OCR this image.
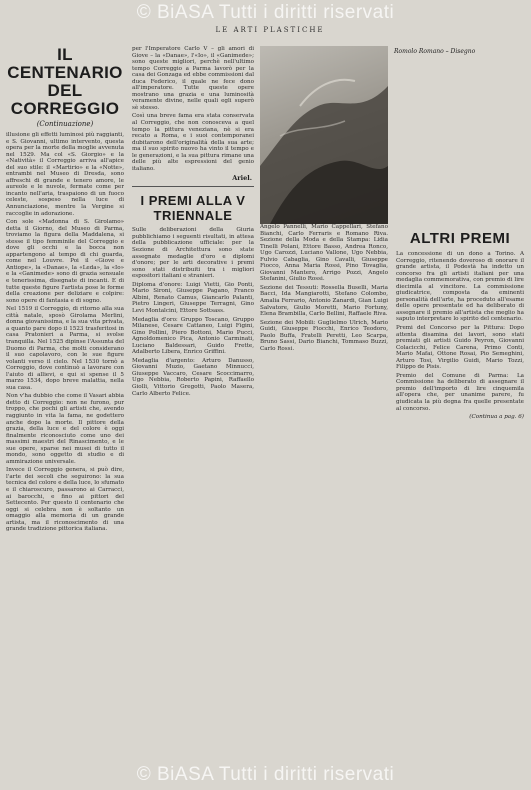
© BiASA Tutti i diritti riservati
LE ARTI PLASTICHE
IL CENTENARIO
DEL CORREGGIO
(Continuazione)

illusione gli effetti luminosi più raggianti, e S. Giovanni, ultimo intervento, questa opera per la morte della moglie avvenuta nel 1529. Ma col «S. Giorgio» e la «Natività» il Correggio arriva all'apice del suo stile: il «Martirio» e la «Notte», entrambi nel Museo di Dresda, sono affreschi di grande e tenero amore, le aureole e le nuvole, fermate come per incanto nell'aria, traspaiono di un fuoco celeste, sospeso nella luce di Annunciazione, mentre la Vergine si raccoglie in adorazione.

Con sole «Madonna di S. Girolamo» detta il Giorno, del Museo di Parma, troviamo la figura della Maddalena, si stesse il tipo femminile del Correggio e dove gli occhi e la bocca non appartengono al tempo di chi guarda, come nel Louvre. Poi il «Giove e Antiope», la «Danae», la «Leda», la «Io» e la «Ganimede» sono di grazia sensuale e tenerissima, disegnate di incanti. E di tutte queste figure l'artista pose le forme della creazione per deliziare e colpire: sono opere di fantasia e di sogno.

Nel 1519 il Correggio, di ritorno alla sua città natale, sposò Girolama Merlini, donna giovanissima, e la sua vita privata, a quanto pare dopo il 1523 trasferitosi in casa Pratonieri a Parma, si svolse tranquilla. Nel 1525 dipinse l'Assunta del Duomo di Parma, che molti considerano il suo capolavoro, con le sue figure volanti verso il cielo. Nel 1530 tornò a Correggio, dove continuò a lavorare con l'aiuto di allievi, e qui si spense il 5 marzo 1534, dopo breve malattia, nella sua casa.

Non v'ha dubbio che come il Vasari abbia detto di Correggio: non ne furono, pur troppo, che pochi gli artisti che, avendo raggiunto in vita la fama, ne godettero anche dopo la morte. Il pittore della grazia, della luce e del colore è oggi finalmente riconosciuto come uno dei massimi maestri del Rinascimento, e le sue opere, sparse nei musei di tutto il mondo, sono oggetto di studio e di ammirazione universale.

Invece il Correggio genera, si può dire, l'arte dei secoli che seguirono: la sua tecnica del colore e della luce, lo sfumato e il chiaroscuro, passarono ai Carracci, ai barocchi, e fino ai pittori del Settecento. Per questo il centenario che oggi si celebra non è soltanto un omaggio alla memoria di un grande artista, ma il riconoscimento di una grande tradizione pittorica italiana.

per l'Imperatore Carlo V – gli amori di Giove – la «Danae», l'«Io», il «Ganimede»; sono queste migliori, perchè nell'ultimo tempo Correggio a Parma lavorò per la casa dei Gonzaga ed ebbe commissioni dal duca Federico, il quale ne fece dono all'imperatore. Tutte queste opere mostrano una grazia e una luminosità veramente divine, nelle quali egli superò sè stesso.

Così una breve fama era stata conservata al Correggio, che non conosceva a quel tempo la pittura veneziana, nè si era recato a Roma, e i suoi contemporanei dubitarono dell'originalità della sua arte; ma il suo spirito nuovo ha vinto il tempo e le generazioni, e la sua pittura rimane una delle più alte espressioni del genio italiano.

Ariel.
I PREMI ALLA V TRIENNALE

Sulle deliberazioni della Giuria pubblichiamo i seguenti risultati, in attesa della pubblicazione ufficiale: per la Sezione di Architettura sono state assegnate medaglie d'oro e diplomi d'onore; per le arti decorative i premi sono stati distribuiti tra i migliori espositori italiani e stranieri.

Diploma d'onore: Luigi Vietti, Gio Ponti, Mario Sironi, Giuseppe Pagano, Franco Albini, Renato Camus, Giancarlo Palanti, Pietro Lingeri, Giuseppe Terragni, Gino Levi Montalcini, Ettore Sottsass.

Medaglia d'oro: Gruppo Toscano, Gruppo Milanese, Cesare Cattaneo, Luigi Figini, Gino Pollini, Piero Bottoni, Mario Pucci, Agnoldomenico Pica, Antonio Carminati, Luciano Baldessari, Guido Frette, Adalberto Libera, Enrico Griffini.

Medaglia d'argento: Arturo Danusso, Giovanni Muzio, Gaetano Minnucci, Giuseppe Vaccaro, Cesare Scoccimarro, Ugo Nebbia, Roberto Papini, Raffaello Giolli, Vittorio Gregotti, Paolo Masera, Carlo Alberto Felice.

Romolo Romano – Disegno

Angelo Pannelli, Mario Cappellari, Stefano Bianchi, Carlo Ferraris e Romano Riva. Sezione della Moda e della Stampa: Lidia Tinelli Polani, Ettore Basso, Andrea Ronco, Ugo Carozzi, Luciano Vallone, Ugo Nebbia, Fulvio Cabaglia, Gino Cavalli, Giuseppe Fiocco, Anna Maria Rossi, Pino Tovaglia, Giovanni Mantero, Arrigo Pozzi, Angelo Stefanini, Giulio Rossi.

Sezione dei Tessuti: Rossella Buselli, Maria Bacci, Ida Mangiarotti, Stefano Colombo, Amalia Ferrario, Antonio Zanardi, Gian Luigi Salvatore, Giulio Moretti, Mario Fortuny, Elena Brambilla, Carlo Bellini, Raffaele Riva.

Sezione dei Mobili: Guglielmo Ulrich, Mario Guidi, Giuseppe Fiocchi, Enrico Teodoro, Paolo Buffa, Fratelli Peretti, Leo Scarpa, Bruno Sassi, Dario Bianchi, Tommaso Buzzi, Carlo Rossi.

ALTRI PREMI

La concessione di un dono a Torino. A Correggio, ritenendo doveroso di onorare il grande artista, il Podestà ha indetto un concorso fra gli artisti italiani per una medaglia commemorativa, con premio di lire diecimila al vincitore. La commissione giudicatrice, composta da eminenti personalità dell'arte, ha proceduto all'esame delle opere presentate ed ha deliberato di assegnare il premio all'artista che meglio ha saputo interpretare lo spirito del centenario.

Premi del Concorso per la Pittura: Dopo attenta disamina dei lavori, sono stati premiati gli artisti Guido Peyron, Giovanni Colacicchi, Felice Carena, Primo Conti, Mario Mafai, Ottone Rosai, Pio Semeghini, Arturo Tosi, Virgilio Guidi, Mario Tozzi, Filippo de Pisis.

Premio del Comune di Parma: La Commissione ha deliberato di assegnare il premio dell'importo di lire cinquemila all'opera che, per unanime parere, fu giudicata la più degna fra quelle presentate al concorso.

(Continua a pag. 6)
© BiASA Tutti i diritti riservati
